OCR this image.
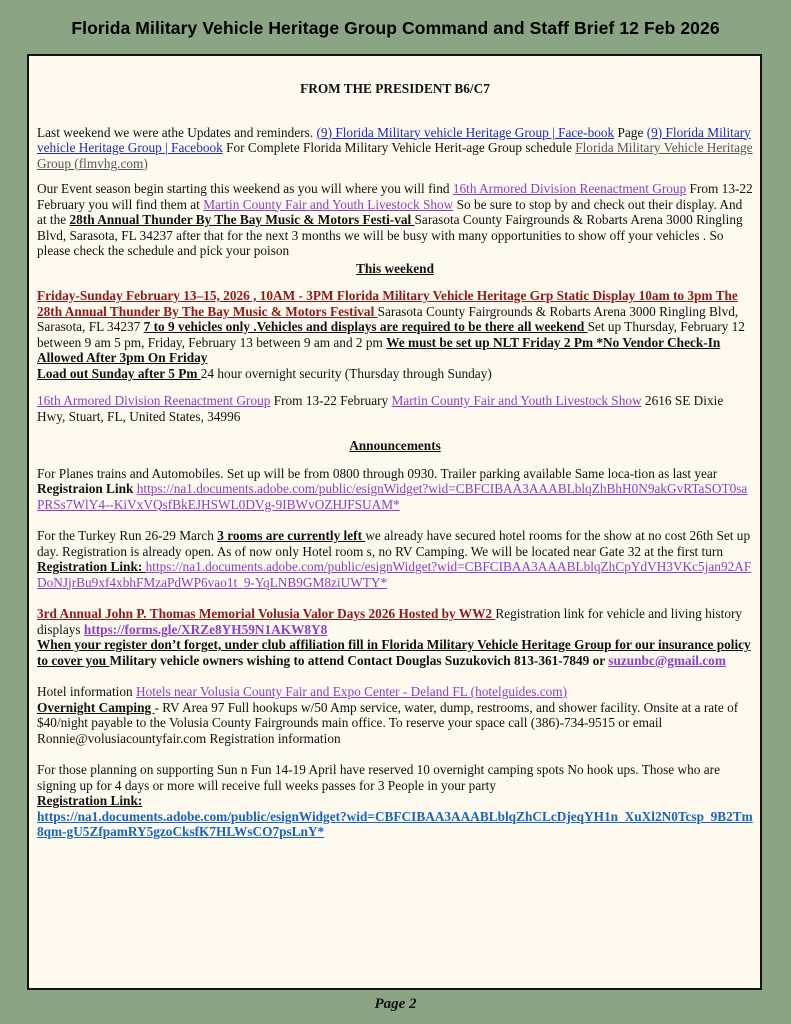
Florida Military Vehicle Heritage Group Command and Staff Brief 12 Feb 2026
FROM THE PRESIDENT B6/C7

Last weekend we were athe Updates and reminders. (9) Florida Military vehicle Heritage Group | Face-book Page (9) Florida Military vehicle Heritage Group | Facebook For Complete Florida Military Vehicle Herit-age Group schedule Florida Military Vehicle Heritage Group (flmvhg.com)

Our Event season begin starting this weekend as you will where you will find 16th Armored Division Reenactment Group From 13-22 February you will find them at Martin County Fair and Youth Livestock Show So be sure to stop by and check out their display. And at the 28th Annual Thunder By The Bay Music & Motors Festi-val Sarasota County Fairgrounds & Robarts Arena 3000 Ringling Blvd, Sarasota, FL 34237 after that for the next 3 months we will be busy with many opportunities to show off your vehicles . So please check the schedule and pick your poison

This weekend

Friday-Sunday February 13–15, 2026 , 10AM - 3PM Florida Military Vehicle Heritage Grp Static Display 10am to 3pm The 28th Annual Thunder By The Bay Music & Motors Festival Sarasota County Fairgrounds & Robarts Arena 3000 Ringling Blvd, Sarasota, FL 34237 7 to 9 vehicles only .Vehicles and displays are required to be there all weekend Set up Thursday, February 12 between 9 am 5 pm, Friday, February 13 between 9 am and 2 pm We must be set up NLT Friday 2 Pm *No Vendor Check-In Allowed After 3pm On Friday
Load out Sunday after 5 Pm 24 hour overnight security (Thursday through Sunday)

16th Armored Division Reenactment Group From 13-22 February Martin County Fair and Youth Livestock Show 2616 SE Dixie Hwy, Stuart, FL, United States, 34996

Announcements

For Planes trains and Automobiles. Set up will be from 0800 through 0930. Trailer parking available Same loca-tion as last year Registraion Link https://na1.documents.adobe.com/public/esignWidget?wid=CBFCIBAA3AAABLblqZhBhH0N9akGvRTaSOT0saPRSs7WlY4--KiVxVQsfBkEJHSWL0DVg-9IBWvOZHJFSUAM*

For the Turkey Run 26-29 March 3 rooms are currently left we already have secured hotel rooms for the show at no cost 26th Set up day. Registration is already open. As of now only Hotel room s, no RV Camping. We will be located near Gate 32 at the first turn Registration Link: https://na1.documents.adobe.com/public/esignWidget?wid=CBFCIBAA3AAABLblqZhCpYdVH3VKc5jan92AFDoNJjrBu9xf4xbhFMzaPdWP6vao1t_9-YqLNB9GM8ziUWTY*

3rd Annual John P. Thomas Memorial Volusia Valor Days 2026 Hosted by WW2 Registration link for vehicle and living history displays https://forms.gle/XRZe8YH59N1AKW8Y8
When your register don’t forget, under club affiliation fill in Florida Military Vehicle Heritage Group for our insurance policy to cover you Military vehicle owners wishing to attend Contact Douglas Suzukovich 813-361-7849 or suzunbc@gmail.com

Hotel information Hotels near Volusia County Fair and Expo Center - Deland FL (hotelguides.com)
Overnight Camping - RV Area 97 Full hookups w/50 Amp service, water, dump, restrooms, and shower facility. Onsite at a rate of $40/night payable to the Volusia County Fairgrounds main office. To reserve your space call (386)-734-9515 or email Ronnie@volusiacountyfair.com Registration information

For those planning on supporting Sun n Fun 14-19 April have reserved 10 overnight camping spots No hook ups. Those who are signing up for 4 days or more will receive full weeks passes for 3 People in your party
Registration Link:
https://na1.documents.adobe.com/public/esignWidget?wid=CBFCIBAA3AAABLblqZhCLcDjeqYH1n_XuXl2N0Tcsp_9B2Tm8qm-gU5ZfpamRY5gzoCksfK7HLWsCO7psLnY*

Page 2
